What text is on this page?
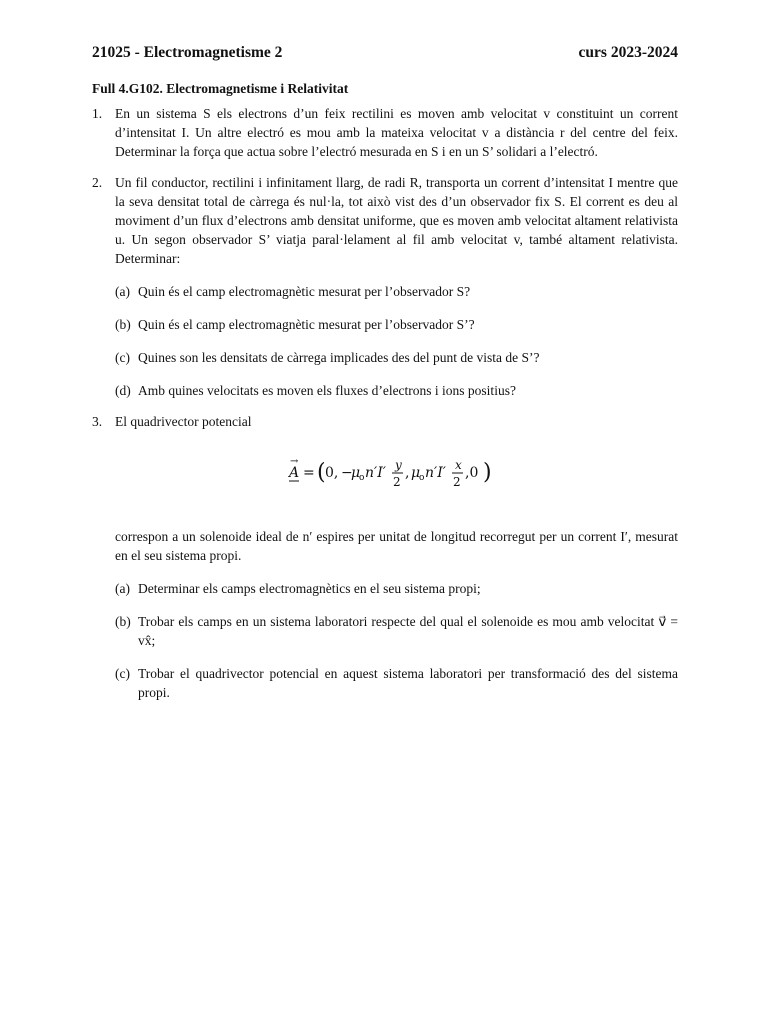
21025 - Electromagnetisme 2	curs 2023-2024
Full 4.G102. Electromagnetisme i Relativitat
1. En un sistema S els electrons d’un feix rectilini es moven amb velocitat v constituint un corrent d’intensitat I. Un altre electró es mou amb la mateixa velocitat v a distància r del centre del feix. Determinar la força que actua sobre l’electró mesurada en S i en un S’ solidari a l’electró.
2. Un fil conductor, rectilini i infinitament llarg, de radi R, transporta un corrent d’intensitat I mentre que la seva densitat total de càrrega és nul·la, tot això vist des d’un observador fix S. El corrent es deu al moviment d’un flux d’electrons amb densitat uniforme, que es moven amb velocitat altament relativista u. Un segon observador S’ viatja paral·lelament al fil amb velocitat v, també altament relativista. Determinar:
(a) Quin és el camp electromagnètic mesurat per l’observador S?
(b) Quin és el camp electromagnètic mesurat per l’observador S’?
(c) Quines son les densitats de càrrega implicades des del punt de vista de S’?
(d) Amb quines velocitats es moven els fluxes d’electrons i ions positius?
3. El quadrivector potencial
A
→
= ( 0, −
μ
o n′I′ y
2
, μ
o n′I′ x
2
,0 )
correspon a un solenoide ideal de n′ espires per unitat de longitud recorregut per un corrent I′, mesurat en el seu sistema propi.
(a) Determinar els camps electromagnètics en el seu sistema propi;
(b) Trobar els camps en un sistema laboratori respecte del qual el solenoide es mou amb velocitat v⃗ = vx̂;
(c) Trobar el quadrivector potencial en aquest sistema laboratori per transformació des del sistema propi.
